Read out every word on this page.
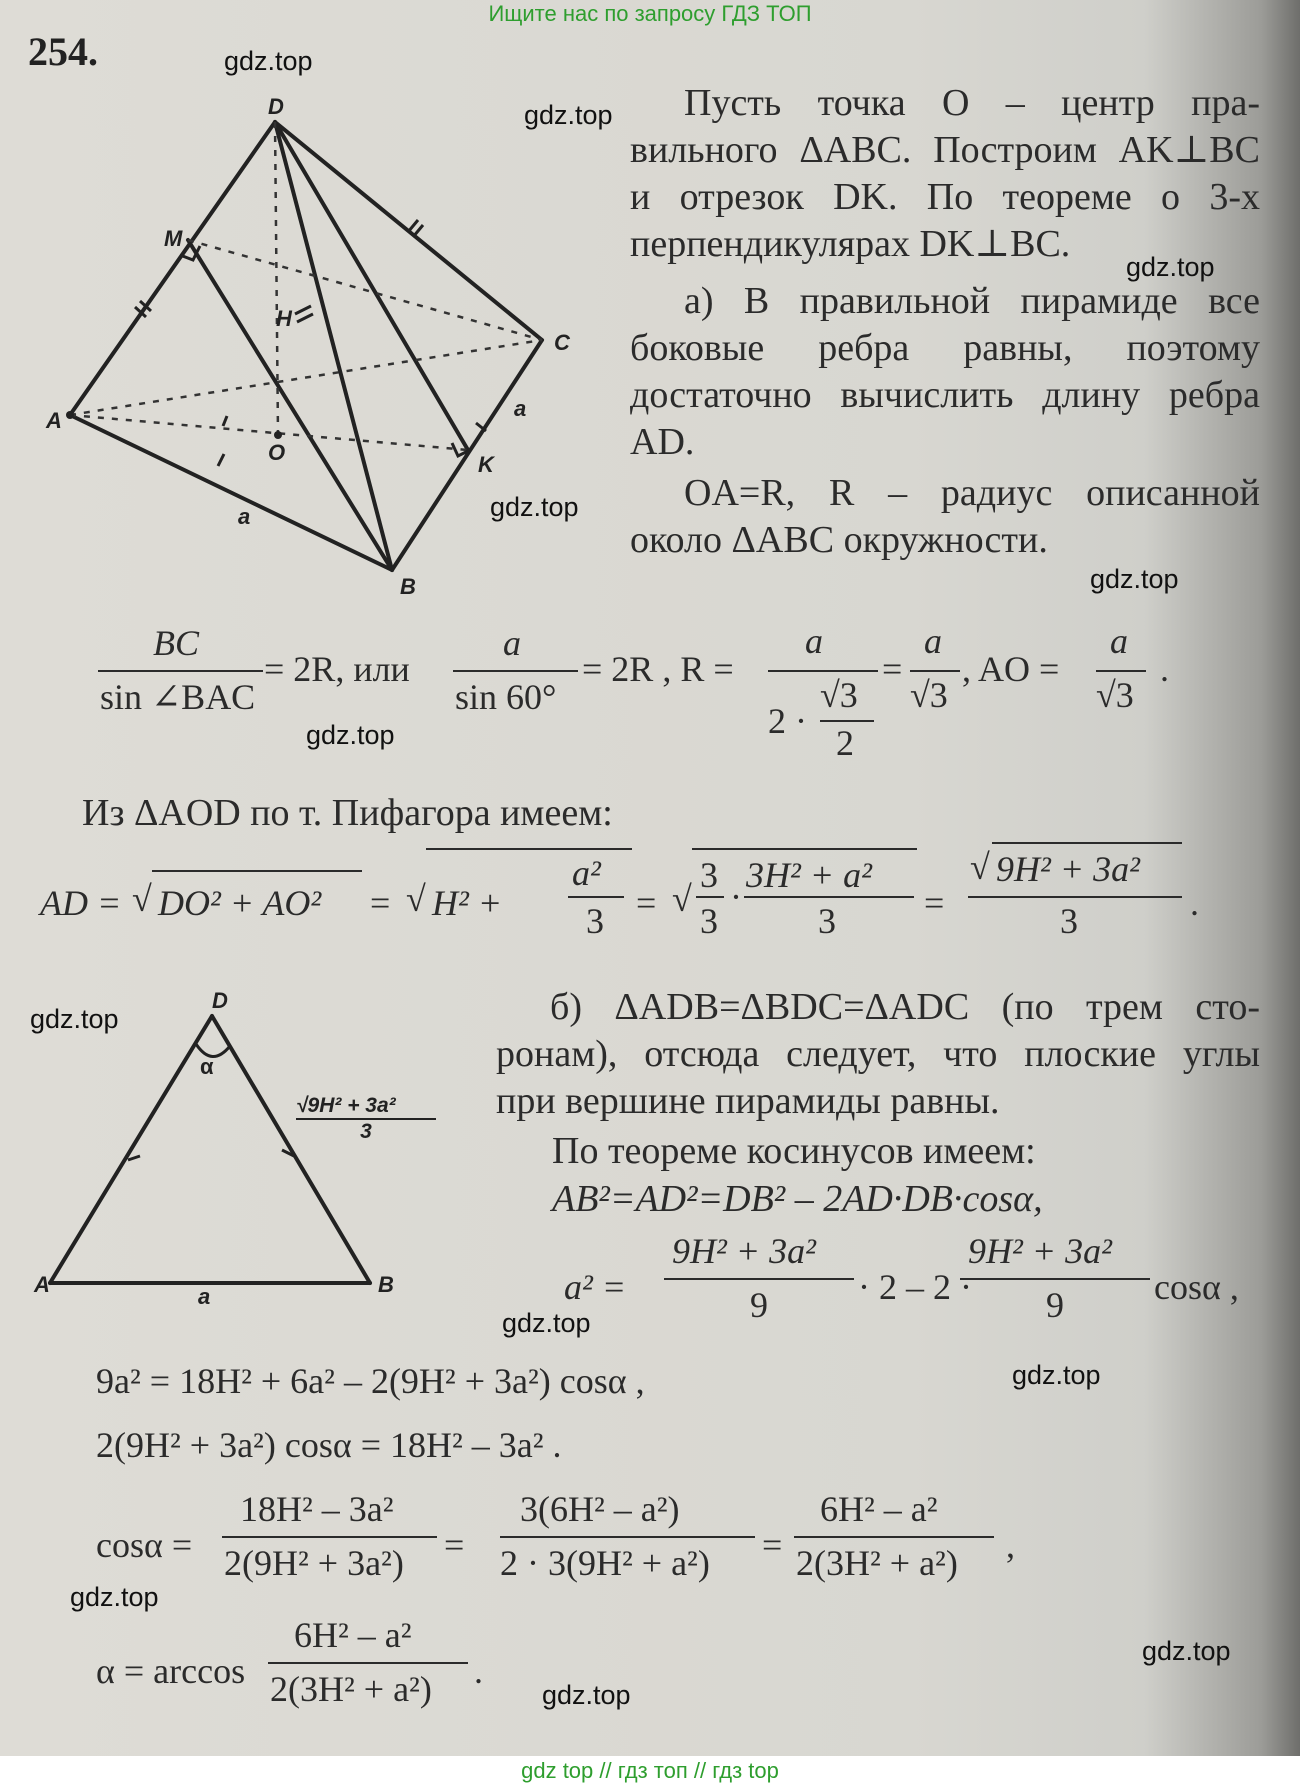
Ищите нас по запросу ГДЗ ТОП
254.
D
M
H
C
A
O	K
B
a
a
Пусть точка O – центр пра-
вильного ΔABC. Построим AK⊥BC
и отрезок DK. По теореме о 3-х
перпендикулярах DK⊥BC.
а) В правильной пирамиде все
боковые ребра равны, поэтому
достаточно вычислить длину ребра
AD.
OA=R, R – радиус описанной
около ΔABC окружности.
BC
sin ∠BAC
= 2R, или
a
sin 60°
= 2R , R =
a
2 ·
√3
2
=
a
√3
, AO =
a
√3
.
Из ΔAOD по т. Пифагора имеем:
AD = √ DO² + AO² = √ H² +
a²
3 = √
3
3
·
3H² + a²
3 =
√ 9H² + 3a²
3	.
D
α
A	B
a
√9H² + 3a²
3
б) ΔADB=ΔBDC=ΔADC (по трем сто-
ронам), отсюда следует, что плоские углы
при вершине пирамиды равны.
По теореме косинусов имеем:
AB²=AD²=DB² – 2AD·DB·cosα,
a² =
9H² + 3a²
9	· 2 – 2 ·
9H² + 3a²
9	cosα ,
9a² = 18H² + 6a² – 2(9H² + 3a²) cosα ,
2(9H² + 3a²) cosα = 18H² – 3a² .
cosα =
18H² – 3a²
2(9H² + 3a²) =
3(6H² – a²)
2 · 3(9H² + a²) =
6H² – a²
2(3H² + a²) ,
α = arccos
6H² – a²
2(3H² + a²) .
gdz.top
gdz.top
gdz.top
gdz.top
gdz.top
gdz.top
gdz.top
gdz.top
gdz.top
gdz.top
gdz.top
gdz.top
gdz top // гдз топ // гдз top
